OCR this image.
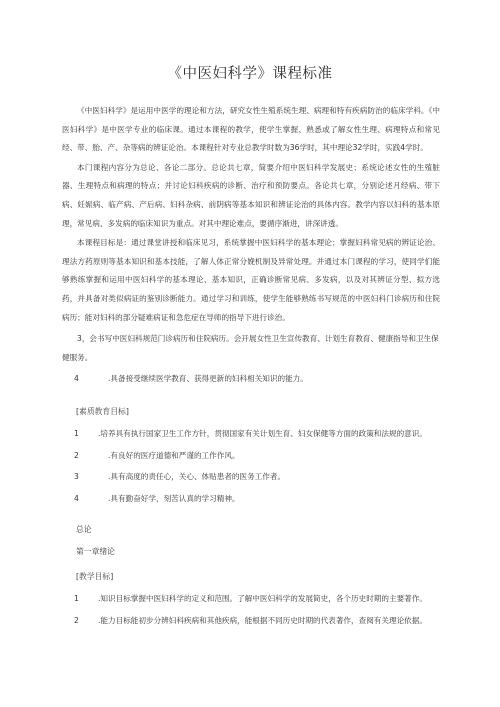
《中医妇科学》课程标准

《中医妇科学》是运用中医学的理论和方法，研究女性生殖系统生理、病理和特有疾病防治的临床学科。《中医妇科学》是中医学专业的临床课。通过本课程的教学，使学生掌握、熟悉或了解女性生理、病理特点和常见经、带、胎、产、杂等病的辨证论治。本课程针对专业总教学时数为36学时，其中理论32学时，实践4学时。

本门课程内容分为总论、各论二部分。总论共七章，简要介绍中医妇科学发展史；系统论述女性的生殖脏器、生理特点和病理的特点；并讨论妇科疾病的诊断、治疗和预防要点。各论共七章，分别论述月经病、带下病、妊娠病、临产病、产后病、妇科杂病、前阴病等基本知识和辨证论治的具体内容。教学内容以妇科的基本原理，常见病、多发病的临床知识为重点。对其中理论难点，要循序渐进，讲深讲透。

本课程目标是：通过课堂讲授和临床见习，系统掌握中医妇科学的基本理论；掌握妇科常见病的辨证论治、理法方药原则等基本知识和基本技能，了解人体正常分娩机制及异常处理。并通过本门课程的学习，使同学们能够熟练掌握和运用中医妇科学的基本理论、基本知识，正确诊断常见病、多发病，以及对其辨证分型、拟方选药，并具备对类似病证的鉴别诊断能力。通过学习和训练，使学生能够熟练书写规范的中医妇科门诊病历和住院病历；能对妇科的部分疑难病证和急危症在导师的指导下进行诊治。

3，会书写中医妇科规范门诊病历和住院病历。会开展女性卫生宣传教育、计划生育教育、健康指导和卫生保健服务。
4	.具备接受继续医学教育、获得更新的妇科相关知识的能力。
[素质教育目标]
1	.培养具有执行国家卫生工作方针，贯彻国家有关计划生育、妇女保健等方面的政策和法规的意识。
2	.有良好的医疗道德和严谨的工作作风。
3	.具有高度的责任心，关心、体贴患者的医务工作者。
4	.具有勤奋好学，刻苦认真的学习精神。
总论
第一章绪论
[教学目标]
1	.知识目标掌握中医妇科学的定义和范围。了解中医妇科学的发展简史，各个历史时期的主要著作。
2	.能力目标能初步分辨妇科疾病和其他疾病，能根据不同历史时期的代表著作，查阅有关理论依据。
